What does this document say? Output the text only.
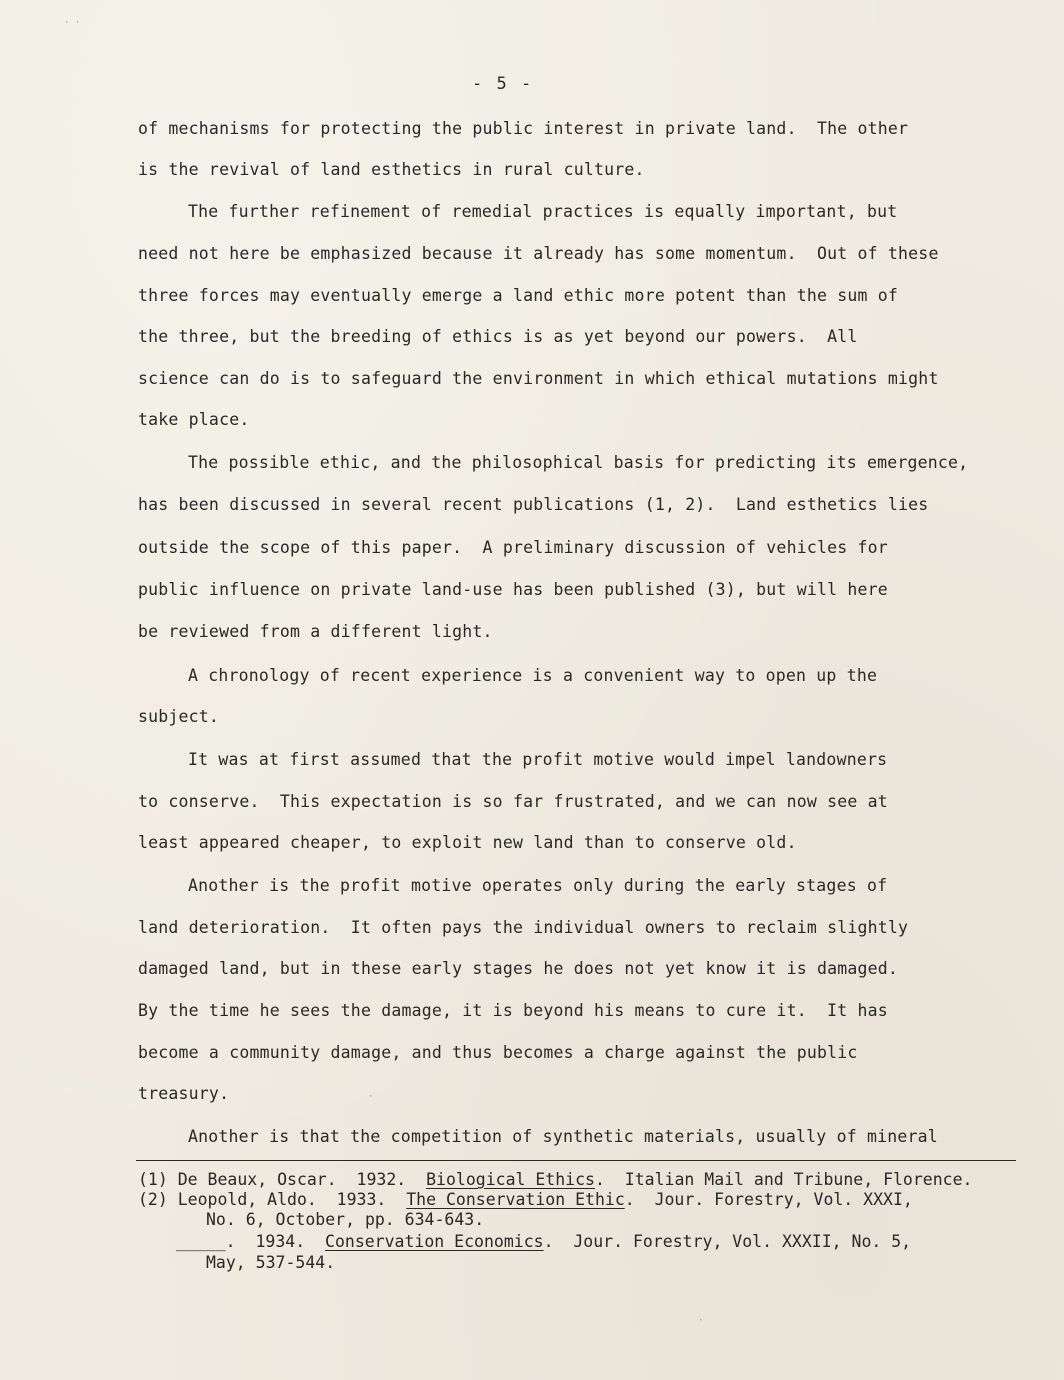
· ·
- 5 -
of mechanisms for protecting the public interest in private land.  The other
is the revival of land esthetics in rural culture.
The further refinement of remedial practices is equally important, but
need not here be emphasized because it already has some momentum.  Out of these
three forces may eventually emerge a land ethic more potent than the sum of
the three, but the breeding of ethics is as yet beyond our powers.  All
science can do is to safeguard the environment in which ethical mutations might
take place.
The possible ethic, and the philosophical basis for predicting its emergence,
has been discussed in several recent publications (1, 2).  Land esthetics lies
outside the scope of this paper.  A preliminary discussion of vehicles for
public influence on private land-use has been published (3), but will here
be reviewed from a different light.
A chronology of recent experience is a convenient way to open up the
subject.
It was at first assumed that the profit motive would impel landowners
to conserve.  This expectation is so far frustrated, and we can now see at
least appeared cheaper, to exploit new land than to conserve old.
Another is the profit motive operates only during the early stages of
land deterioration.  It often pays the individual owners to reclaim slightly
damaged land, but in these early stages he does not yet know it is damaged.
By the time he sees the damage, it is beyond his means to cure it.  It has
become a community damage, and thus becomes a charge against the public
treasury.
Another is that the competition of synthetic materials, usually of mineral
(1) De Beaux, Oscar.  1932.  Biological Ethics.  Italian Mail and Tribune, Florence.
(2) Leopold, Aldo.  1933.  The Conservation Ethic.  Jour. Forestry, Vol. XXXI,
No. 6, October, pp. 634-643.
_____.  1934.  Conservation Economics.  Jour. Forestry, Vol. XXXII, No. 5,
May, 537-544.
·
·
